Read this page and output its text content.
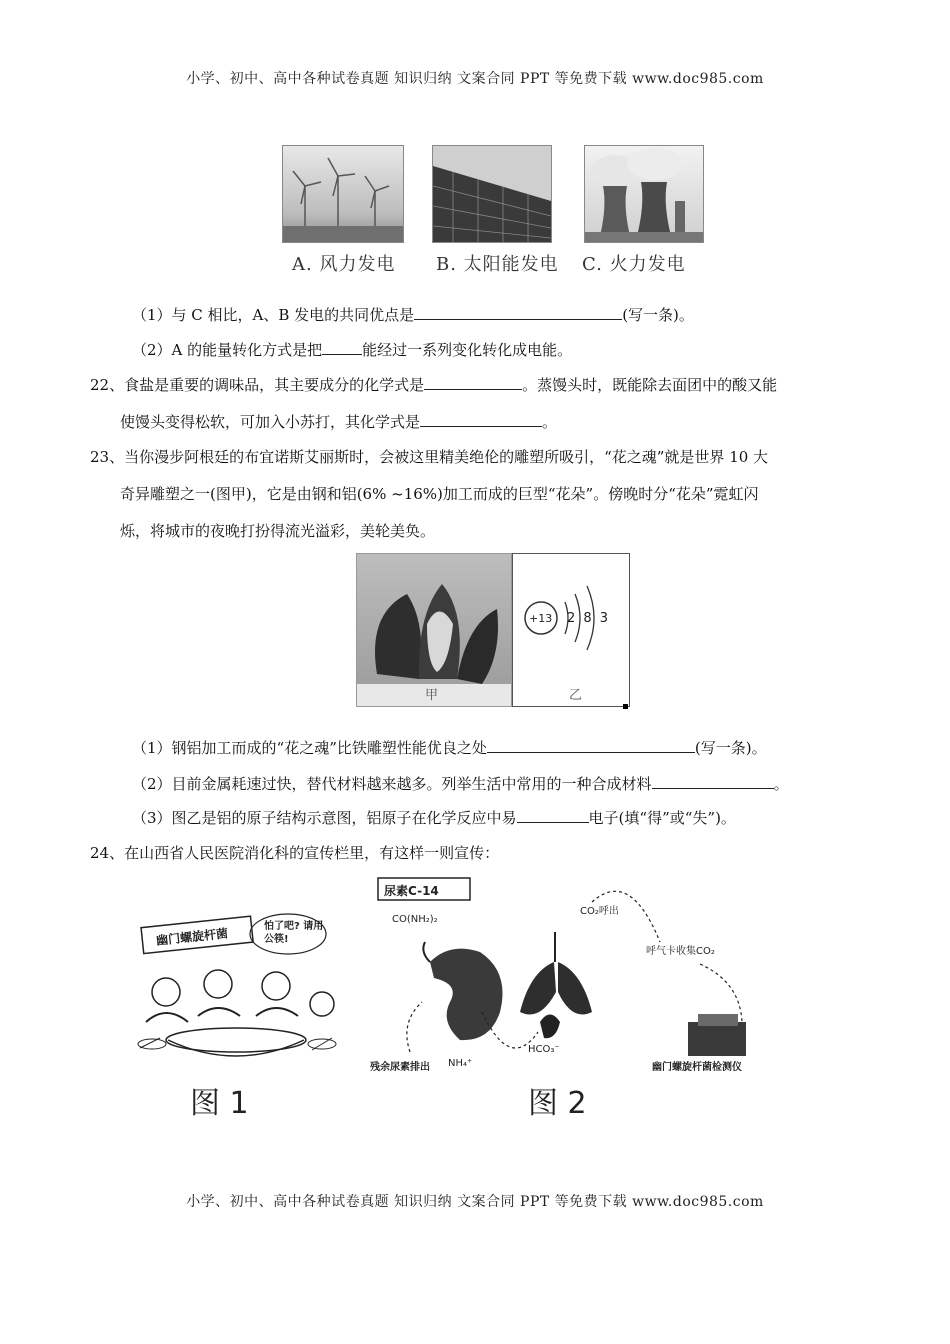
小学、初中、高中各种试卷真题 知识归纳 文案合同 PPT 等免费下载 www.doc985.com
A. 风力发电 B. 太阳能发电 C. 火力发电
（1）与 C 相比，A、B 发电的共同优点是	(写一条)。
（2）A 的能量转化方式是把	能经过一系列变化转化成电能。
22、食盐是重要的调味品，其主要成分的化学式是	。蒸馒头时，既能除去面团中的酸又能
使馒头变得松软，可加入小苏打，其化学式是	。
23、当你漫步阿根廷的布宜诺斯艾丽斯时，会被这里精美绝伦的雕塑所吸引，“花之魂”就是世界 10 大
奇异雕塑之一(图甲)，它是由钢和铝(6% ~16%)加工而成的巨型“花朵”。傍晚时分“花朵”霓虹闪
烁，将城市的夜晚打扮得流光溢彩，美轮美奂。
甲
+13 2 8 3
乙
（1）钢铝加工而成的“花之魂”比铁雕塑性能优良之处	(写一条)。
（2）目前金属耗速过快，替代材料越来越多。列举生活中常用的一种合成材料	。
（3）图乙是铝的原子结构示意图，铝原子在化学反应中易	电子(填“得”或“失”)。
24、在山西省人民医院消化科的宣传栏里，有这样一则宣传：
幽门螺旋杆菌	怕了吧? 请用公筷!
图 1
尿素C-14
CO(NH₂)₂
CO₂呼出
呼气卡收集CO₂
残余尿素排出 NH₄⁺
HCO₃⁻
幽门螺旋杆菌检测仪
图 2
小学、初中、高中各种试卷真题 知识归纳 文案合同 PPT 等免费下载 www.doc985.com
